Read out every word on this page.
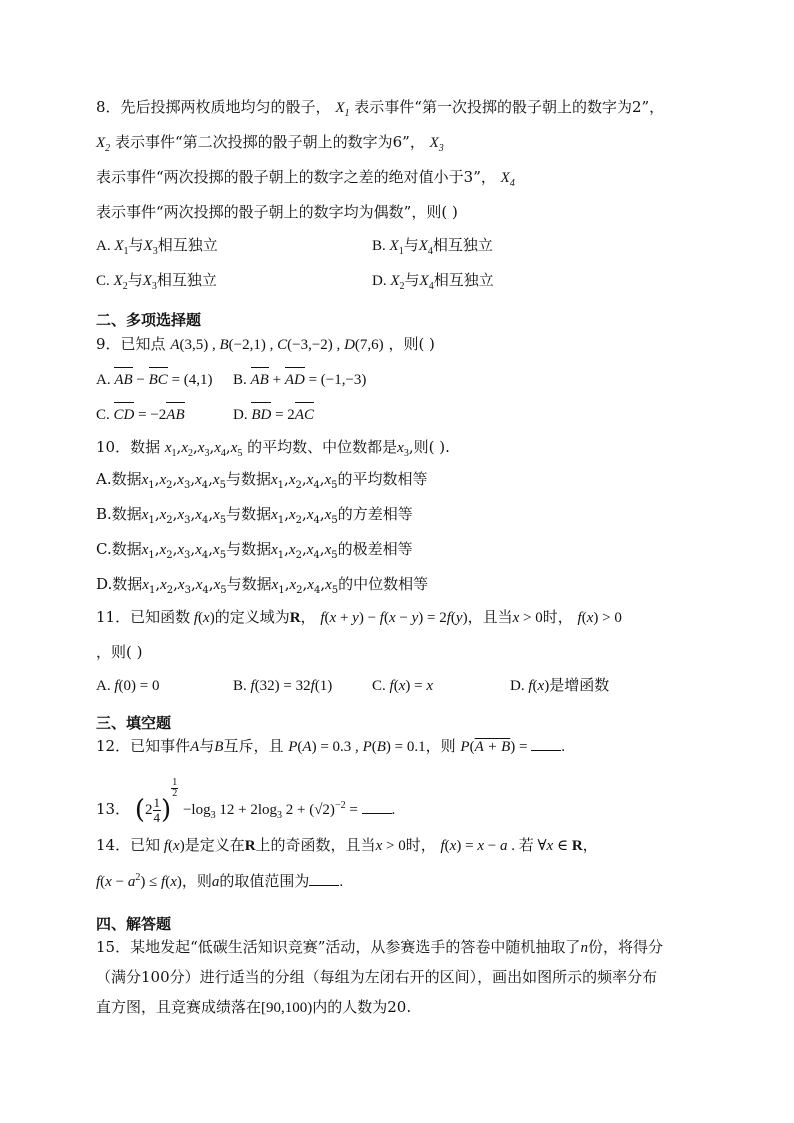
8．先后投掷两枚质地均匀的骰子， $X_1$ 表示事件“第一次投掷的骰子朝上的数字为2”，
$X_2$ 表示事件“第二次投掷的骰子朝上的数字为6”， $X_3$
表示事件“两次投掷的骰子朝上的数字之差的绝对值小于3”， $X_4$
表示事件“两次投掷的骰子朝上的数字均为偶数”，则( )
A. $X_1$与$X_3$相互独立	B. $X_1$与$X_4$相互独立
C. $X_2$与$X_3$相互独立	D. $X_2$与$X_4$相互独立
二、多项选择题
9．已知点 A(3,5) , B(−2,1) , C(−3,−2) , D(7,6) ，则( )
A. AB − BC = (4,1) B. AB + AD = (−1,−3)
C. CD = −2AB	D. BD = 2AC
10．数据 $x_1,x_2,x_3,x_4,x_5$ 的平均数、中位数都是$x_3$,则( ).
A.数据$x_1,x_2,x_3,x_4,x_5$与数据$x_1,x_2,x_4,x_5$的平均数相等
B.数据$x_1,x_2,x_3,x_4,x_5$与数据$x_1,x_2,x_4,x_5$的方差相等
C.数据$x_1,x_2,x_3,x_4,x_5$与数据$x_1,x_2,x_4,x_5$的极差相等
D.数据$x_1,x_2,x_3,x_4,x_5$与数据$x_1,x_2,x_4,x_5$的中位数相等
11．已知函数 f(x)的定义域为R， f(x + y) − f(x − y) = 2f(y)，且当x > 0时， f(x) > 0
，则( )
A. f(0) = 0	B. f(32) = 32f(1)	C. f(x) = x	D. f(x)是增函数
三、填空题
12．已知事件A与B互斥，且 P(A) = 0.3 , P(B) = 0.1，则 P(A + B) = .
13． ($2 \frac{1}{4}$ )
$^{\frac{1}{2}}$
$-\log_3$ $12 + 2\log_3$ $2 + (√2)^{-2}$ = .
14．已知 f(x)是定义在R上的奇函数，且当x > 0时， f(x) = x − a . 若 ∀x ∈ R，
$f(x - a^2) \le f(x)$，则a的取值范围为 .
四、解答题
15．某地发起“低碳生活知识竞赛”活动，从参赛选手的答卷中随机抽取了n份，将得分
（满分100分）进行适当的分组（每组为左闭右开的区间），画出如图所示的频率分布
直方图，且竞赛成绩落在[90,100)内的人数为20.
